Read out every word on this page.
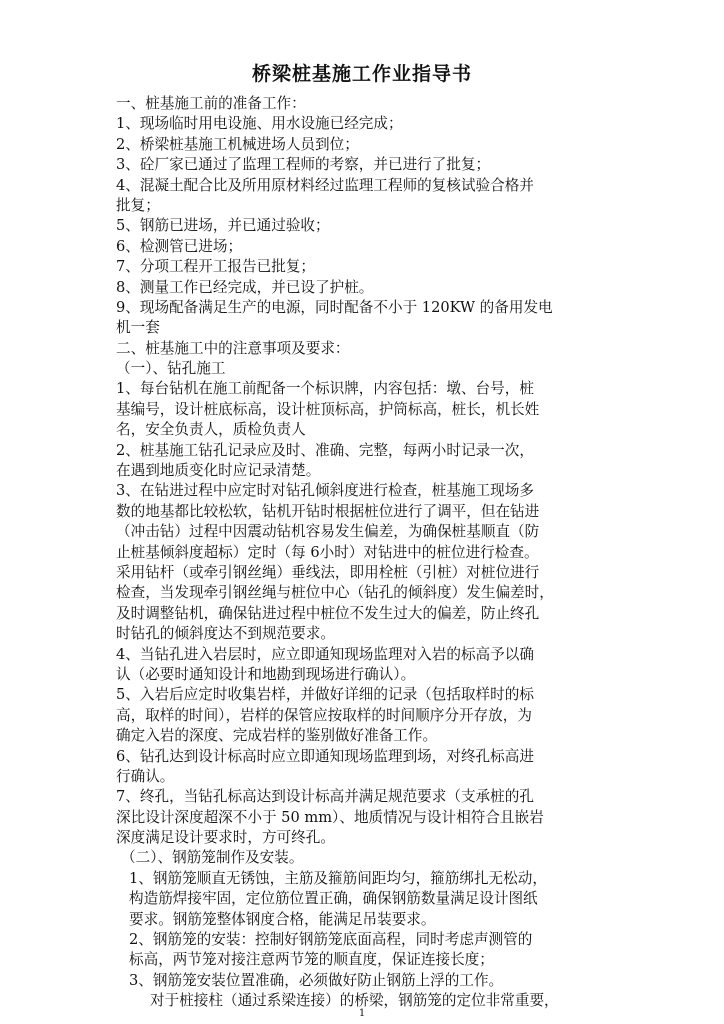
桥梁桩基施工作业指导书
一、桩基施工前的准备工作：
1、现场临时用电设施、用水设施已经完成；
2、桥梁桩基施工机械进场人员到位；
3、砼厂家已通过了监理工程师的考察，并已进行了批复；
4、混凝土配合比及所用原材料经过监理工程师的复核试验合格并
批复；
5、钢筋已进场，并已通过验收；
6、检测管已进场；
7、分项工程开工报告已批复；
8、测量工作已经完成，并已设了护桩。
9、现场配备满足生产的电源，同时配备不小于 120KW 的备用发电
机一套
二、桩基施工中的注意事项及要求：
（一）、钻孔施工
1、每台钻机在施工前配备一个标识牌，内容包括：墩、台号，桩
基编号，设计桩底标高，设计桩顶标高，护筒标高，桩长，机长姓
名，安全负责人，质检负责人
2、桩基施工钻孔记录应及时、准确、完整，每两小时记录一次，
在遇到地质变化时应记录清楚。
3、在钻进过程中应定时对钻孔倾斜度进行检查，桩基施工现场多
数的地基都比较松软，钻机开钻时根据桩位进行了调平，但在钻进
（冲击钻）过程中因震动钻机容易发生偏差，为确保桩基顺直（防
止桩基倾斜度超标）定时（每 6小时）对钻进中的桩位进行检查。
采用钻杆（或牵引钢丝绳）垂线法，即用栓桩（引桩）对桩位进行
检查，当发现牵引钢丝绳与桩位中心（钻孔的倾斜度）发生偏差时，
及时调整钻机，确保钻进过程中桩位不发生过大的偏差，防止终孔
时钻孔的倾斜度达不到规范要求。
4、当钻孔进入岩层时，应立即通知现场监理对入岩的标高予以确
认（必要时通知设计和地勘到现场进行确认）。
5、入岩后应定时收集岩样，并做好详细的记录（包括取样时的标
高，取样的时间），岩样的保管应按取样的时间顺序分开存放，为
确定入岩的深度、完成岩样的鉴别做好准备工作。
6、钻孔达到设计标高时应立即通知现场监理到场，对终孔标高进
行确认。
7、终孔，当钻孔标高达到设计标高并满足规范要求（支承桩的孔
深比设计深度超深不小于 50 mm）、地质情况与设计相符合且嵌岩
深度满足设计要求时，方可终孔。
（二）、钢筋笼制作及安装。
1、钢筋笼顺直无锈蚀，主筋及箍筋间距均匀，箍筋绑扎无松动，
构造筋焊接牢固，定位筋位置正确，确保钢筋数量满足设计图纸
要求。钢筋笼整体钢度合格，能满足吊装要求。
2、钢筋笼的安装：控制好钢筋笼底面高程，同时考虑声测管的
标高，两节笼对接注意两节笼的顺直度，保证连接长度；
3、钢筋笼安装位置准确，必须做好防止钢筋上浮的工作。
对于桩接柱（通过系梁连接）的桥梁，钢筋笼的定位非常重要，
1
